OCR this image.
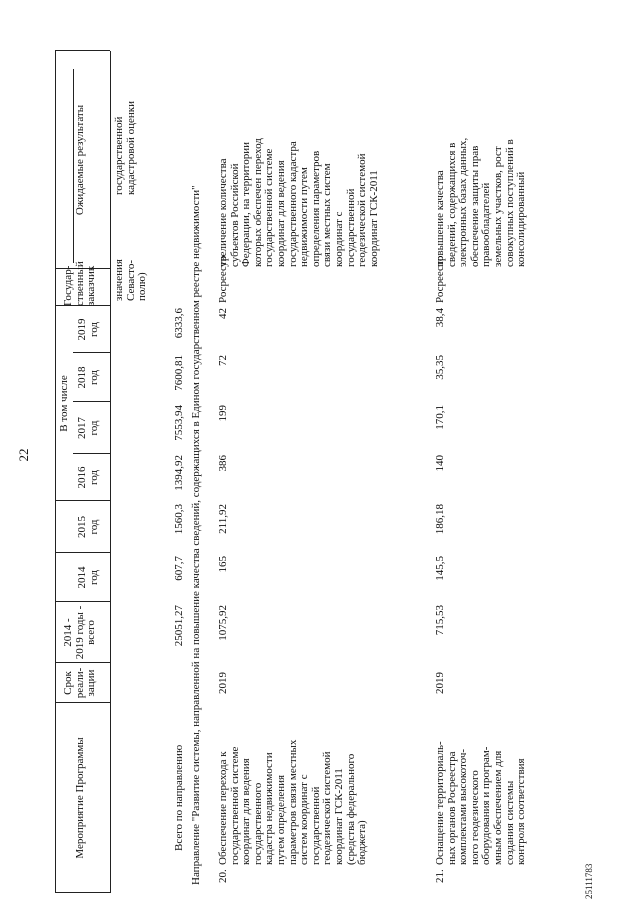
22
25111783
Мероприятие Программы
Срок
реали-
зации
2014 -
2019 годы -
всего
2014
год
2015
год
В том числе
2016
год
2017
год
2018
год
2019
год
Государ-
ственный
заказчик
Ожидаемые результаты
значения
Севасто-
полю)
государственной
кадастровой оценки
Всего по направлению
25051,27
607,7
1560,3
1394,92
7553,94
7600,81
6333,6 Направление "Развитие системы, направленной на повышение качества сведений, содержащихся в Едином государственном реестре недвижимости" 20.
Обеспечение перехода к
государственной системе
координат для ведения
государственного
кадастра недвижимости
путем определения
параметров связи местных
систем координат с
государственной
геодезической системой
координат ГСК-2011
(средства федерального
бюджета)
2019
1075,92
165
211,92
386
199
72
42
Росреестр
увеличение количества
субъектов Российской
Федерации, на территории
которых обеспечен переход
государственной системе
координат для ведения
государственного кадастра
недвижимости путем
определения параметров
связи местных систем
координат с
государственной
геодезической системой
координат ГСК-2011
21.
Оснащение территориаль-
ных органов Росреестра
комплектами высокоточ-
ного геодезического
оборудования и програм-
мным обеспечением для
создания системы
контроля соответствия
2019
715,53
145,5
186,18
140
170,1
35,35
38,4
Росреестр
повышение качества
сведений, содержащихся в
электронных базах данных,
обеспечение защиты прав
правообладателей
земельных участков, рост
совокупных поступлений в
консолидированный
